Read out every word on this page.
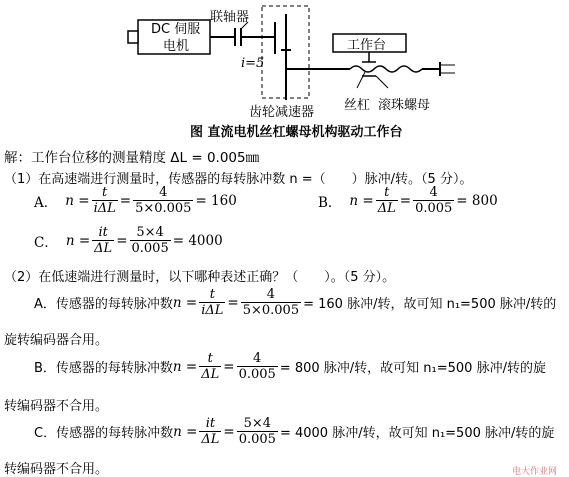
DC 伺服
电机
联轴器
i=5
工作台
齿轮减速器 丝杠 滚珠螺母
图 直流电机丝杠螺母机构驱动工作台
解：工作台位移的测量精度 ΔL = 0.005㎜
（1）在高速端进行测量时，传感器的每转脉冲数 n =（　　）脉冲/转。（5 分）。
A． $n = \frac{t}{\text{iΔL}} = \frac{4}{5\times 0.005} = 160$	B． $n = \frac{t}{\Delta L} = \frac{4}{0.005} = 800$
C． $n = \frac{it}{\Delta L} = \frac{5\times 4}{0.005} = 4000$
（2）在低速端进行测量时，以下哪种表述正确？（　　）。（5 分）。
A．传感器的每转脉冲数 $n = \frac{t}{\text{iΔL}} = \frac{4}{5\times 0.005} = 160$ 脉冲/转，故可知 n₁=500 脉冲/转的
旋转编码器合用。
B．传感器的每转脉冲数 $n = \frac{t}{\Delta L} = \frac{4}{0.005} = 800$ 脉冲/转，故可知 n₁=500 脉冲/转的旋
转编码器不合用。
C．传感器的每转脉冲数 $n = \frac{it}{\Delta L} = \frac{5\times 4}{0.005} = 4000$ 脉冲/转，故可知 n₁=500 脉冲/转的旋
转编码器不合用。	电大作业网
